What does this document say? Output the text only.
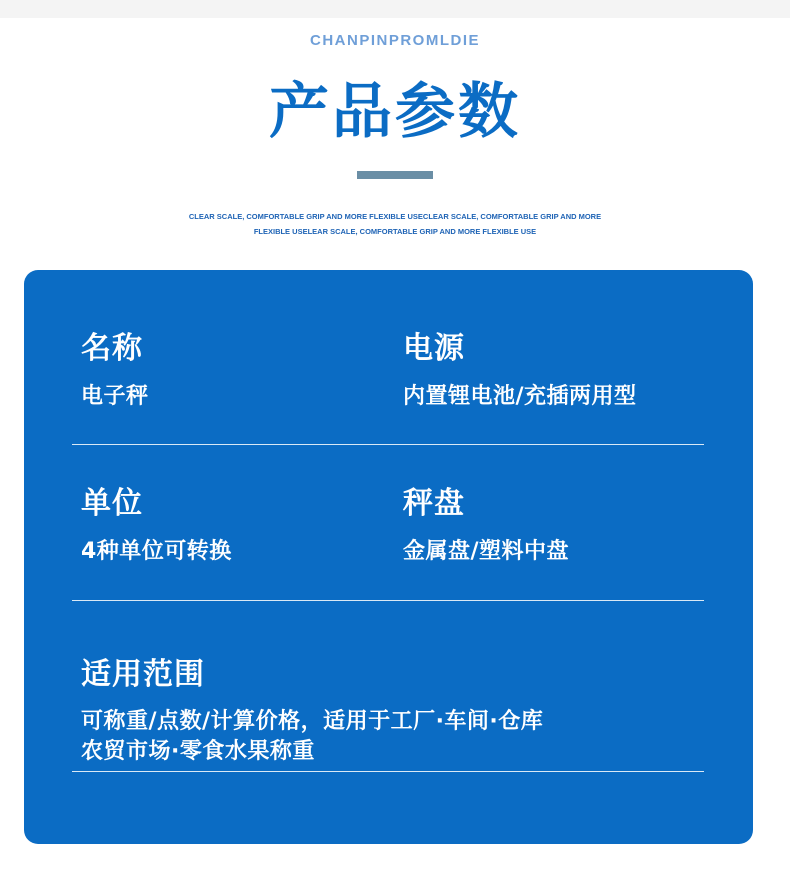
CHANPINPROMLDIE
产品参数
CLEAR SCALE, COMFORTABLE GRIP AND MORE FLEXIBLE USECLEAR SCALE, COMFORTABLE GRIP AND MORE
FLEXIBLE USELEAR SCALE, COMFORTABLE GRIP AND MORE FLEXIBLE USE
名称
电子秤
电源
内置锂电池/充插两用型
单位
4种单位可转换
秤盘
金属盘/塑料中盘
适用范围
可称重/点数/计算价格，适用于工厂·车间·仓库
农贸市场·零食水果称重
